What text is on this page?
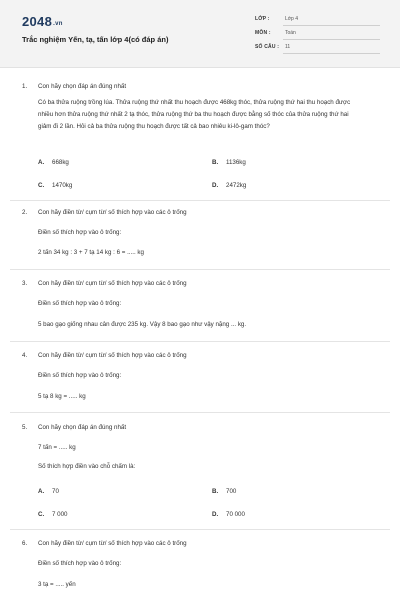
2048.vn
Trắc nghiệm Yến, tạ, tấn lớp 4(có đáp án)
LỚP :	Lớp 4
MÔN :	Toán
SỐ CÂU : 11
1. Con hãy chọn đáp án đúng nhất
Có ba thửa ruộng trồng lúa. Thửa ruộng thứ nhất thu hoạch được 468kg thóc, thửa ruộng thứ hai thu hoạch được nhiều hơn thửa ruộng thứ nhất 2 tạ thóc, thửa ruộng thứ ba thu hoạch được bằng số thóc của thửa ruộng thứ hai giảm đi 2 lần. Hỏi cả ba thửa ruộng thu hoạch được tất cả bao nhiêu ki-lô-gam thóc?
A. 668kg	B. 1136kg
C. 1470kg	D. 2472kg
2. Con hãy điền từ/ cụm từ/ số thích hợp vào các ô trống
Điền số thích hợp vào ô trống:
2 tấn 34 kg : 3 + 7 tạ 14 kg : 6 = ..... kg
3. Con hãy điền từ/ cụm từ/ số thích hợp vào các ô trống
Điền số thích hợp vào ô trống:
5 bao gạo giống nhau cân được 235 kg. Vậy 8 bao gạo như vậy nặng ... kg.
4. Con hãy điền từ/ cụm từ/ số thích hợp vào các ô trống
Điền số thích hợp vào ô trống:
5 tạ 8 kg = ..... kg
5. Con hãy chọn đáp án đúng nhất
7 tấn = ..... kg
Số thích hợp điền vào chỗ chấm là:
A. 70	B. 700
C. 7 000	D. 70 000
6. Con hãy điền từ/ cụm từ/ số thích hợp vào các ô trống
Điền số thích hợp vào ô trống:
3 tạ = ..... yến
